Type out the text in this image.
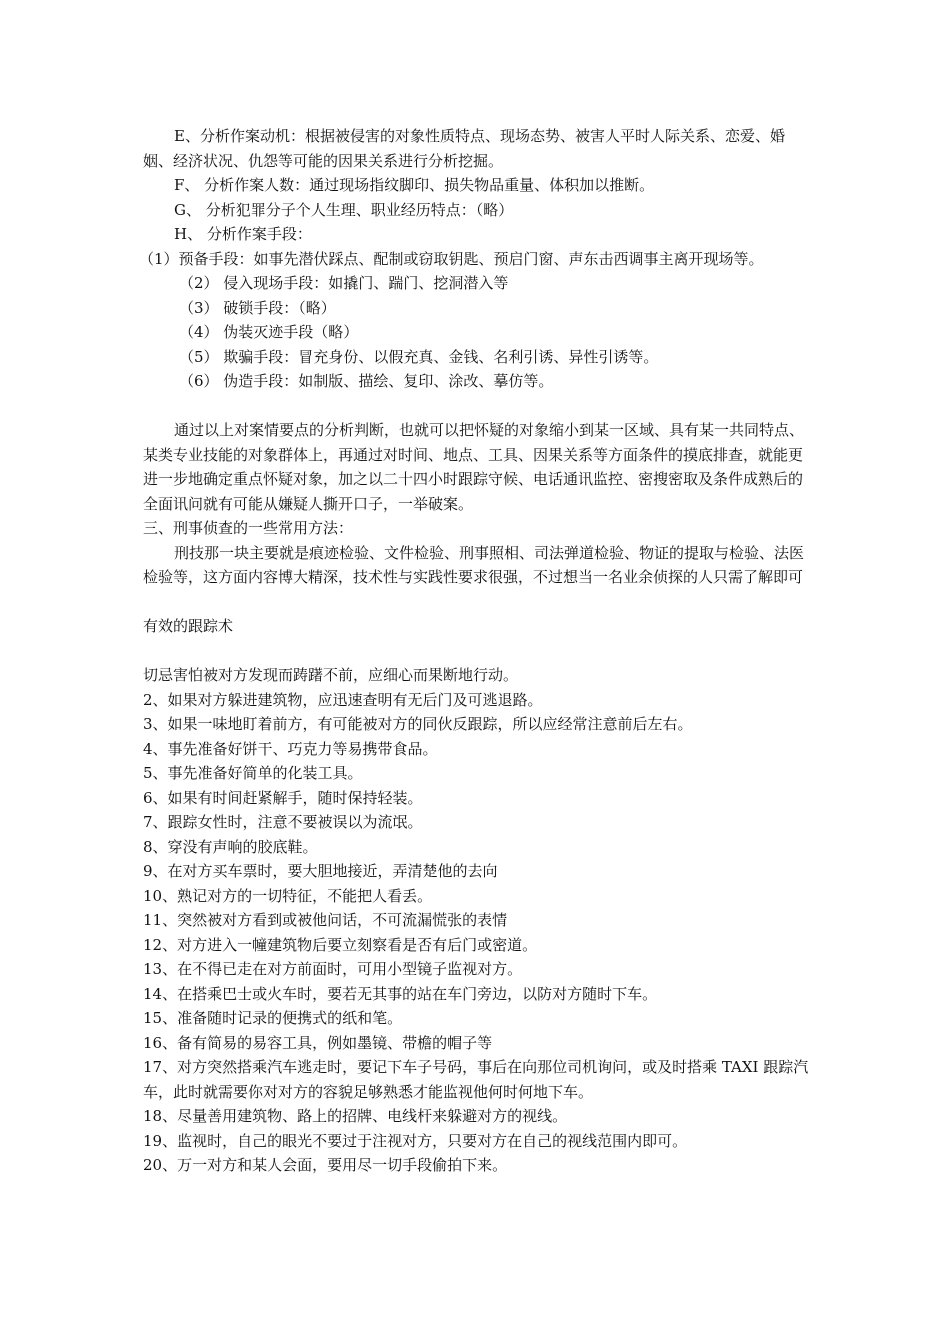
E、分析作案动机：根据被侵害的对象性质特点、现场态势、被害人平时人际关系、恋爱、婚姻、经济状况、仇怨等可能的因果关系进行分析挖掘。
F、 分析作案人数：通过现场指纹脚印、损失物品重量、体积加以推断。
G、 分析犯罪分子个人生理、职业经历特点：（略）
H、 分析作案手段：
（1）预备手段：如事先潜伏踩点、配制或窃取钥匙、预启门窗、声东击西调事主离开现场等。
（2） 侵入现场手段：如撬门、踹门、挖洞潜入等
（3） 破锁手段：（略）
（4） 伪装灭迹手段（略）
（5） 欺骗手段：冒充身份、以假充真、金钱、名利引诱、异性引诱等。
（6） 伪造手段：如制版、描绘、复印、涂改、摹仿等。
通过以上对案情要点的分析判断，也就可以把怀疑的对象缩小到某一区域、具有某一共同特点、某类专业技能的对象群体上，再通过对时间、地点、工具、因果关系等方面条件的摸底排查，就能更进一步地确定重点怀疑对象，加之以二十四小时跟踪守候、电话通讯监控、密搜密取及条件成熟后的全面讯问就有可能从嫌疑人撕开口子，一举破案。
三、刑事侦查的一些常用方法：
刑技那一块主要就是痕迹检验、文件检验、刑事照相、司法弹道检验、物证的提取与检验、法医检验等，这方面内容博大精深，技术性与实践性要求很强，不过想当一名业余侦探的人只需了解即可
有效的跟踪术
切忌害怕被对方发现而踌躇不前，应细心而果断地行动。
2、如果对方躲进建筑物，应迅速查明有无后门及可逃退路。
3、如果一味地盯着前方，有可能被对方的同伙反跟踪，所以应经常注意前后左右。
4、事先准备好饼干、巧克力等易携带食品。
5、事先准备好简单的化装工具。
6、如果有时间赶紧解手，随时保持轻装。
7、跟踪女性时，注意不要被误以为流氓。
8、穿没有声响的胶底鞋。
9、在对方买车票时，要大胆地接近，弄清楚他的去向
10、熟记对方的一切特征，不能把人看丢。
11、突然被对方看到或被他问话，不可流漏慌张的表情
12、对方进入一幢建筑物后要立刻察看是否有后门或密道。
13、在不得已走在对方前面时，可用小型镜子监视对方。
14、在搭乘巴士或火车时，要若无其事的站在车门旁边，以防对方随时下车。
15、准备随时记录的便携式的纸和笔。
16、备有简易的易容工具，例如墨镜、带檐的帽子等
17、对方突然搭乘汽车逃走时，要记下车子号码，事后在向那位司机询问，或及时搭乘 TAXI 跟踪汽车，此时就需要你对对方的容貌足够熟悉才能监视他何时何地下车。
18、尽量善用建筑物、路上的招牌、电线杆来躲避对方的视线。
19、监视时，自己的眼光不要过于注视对方，只要对方在自己的视线范围内即可。
20、万一对方和某人会面，要用尽一切手段偷拍下来。
